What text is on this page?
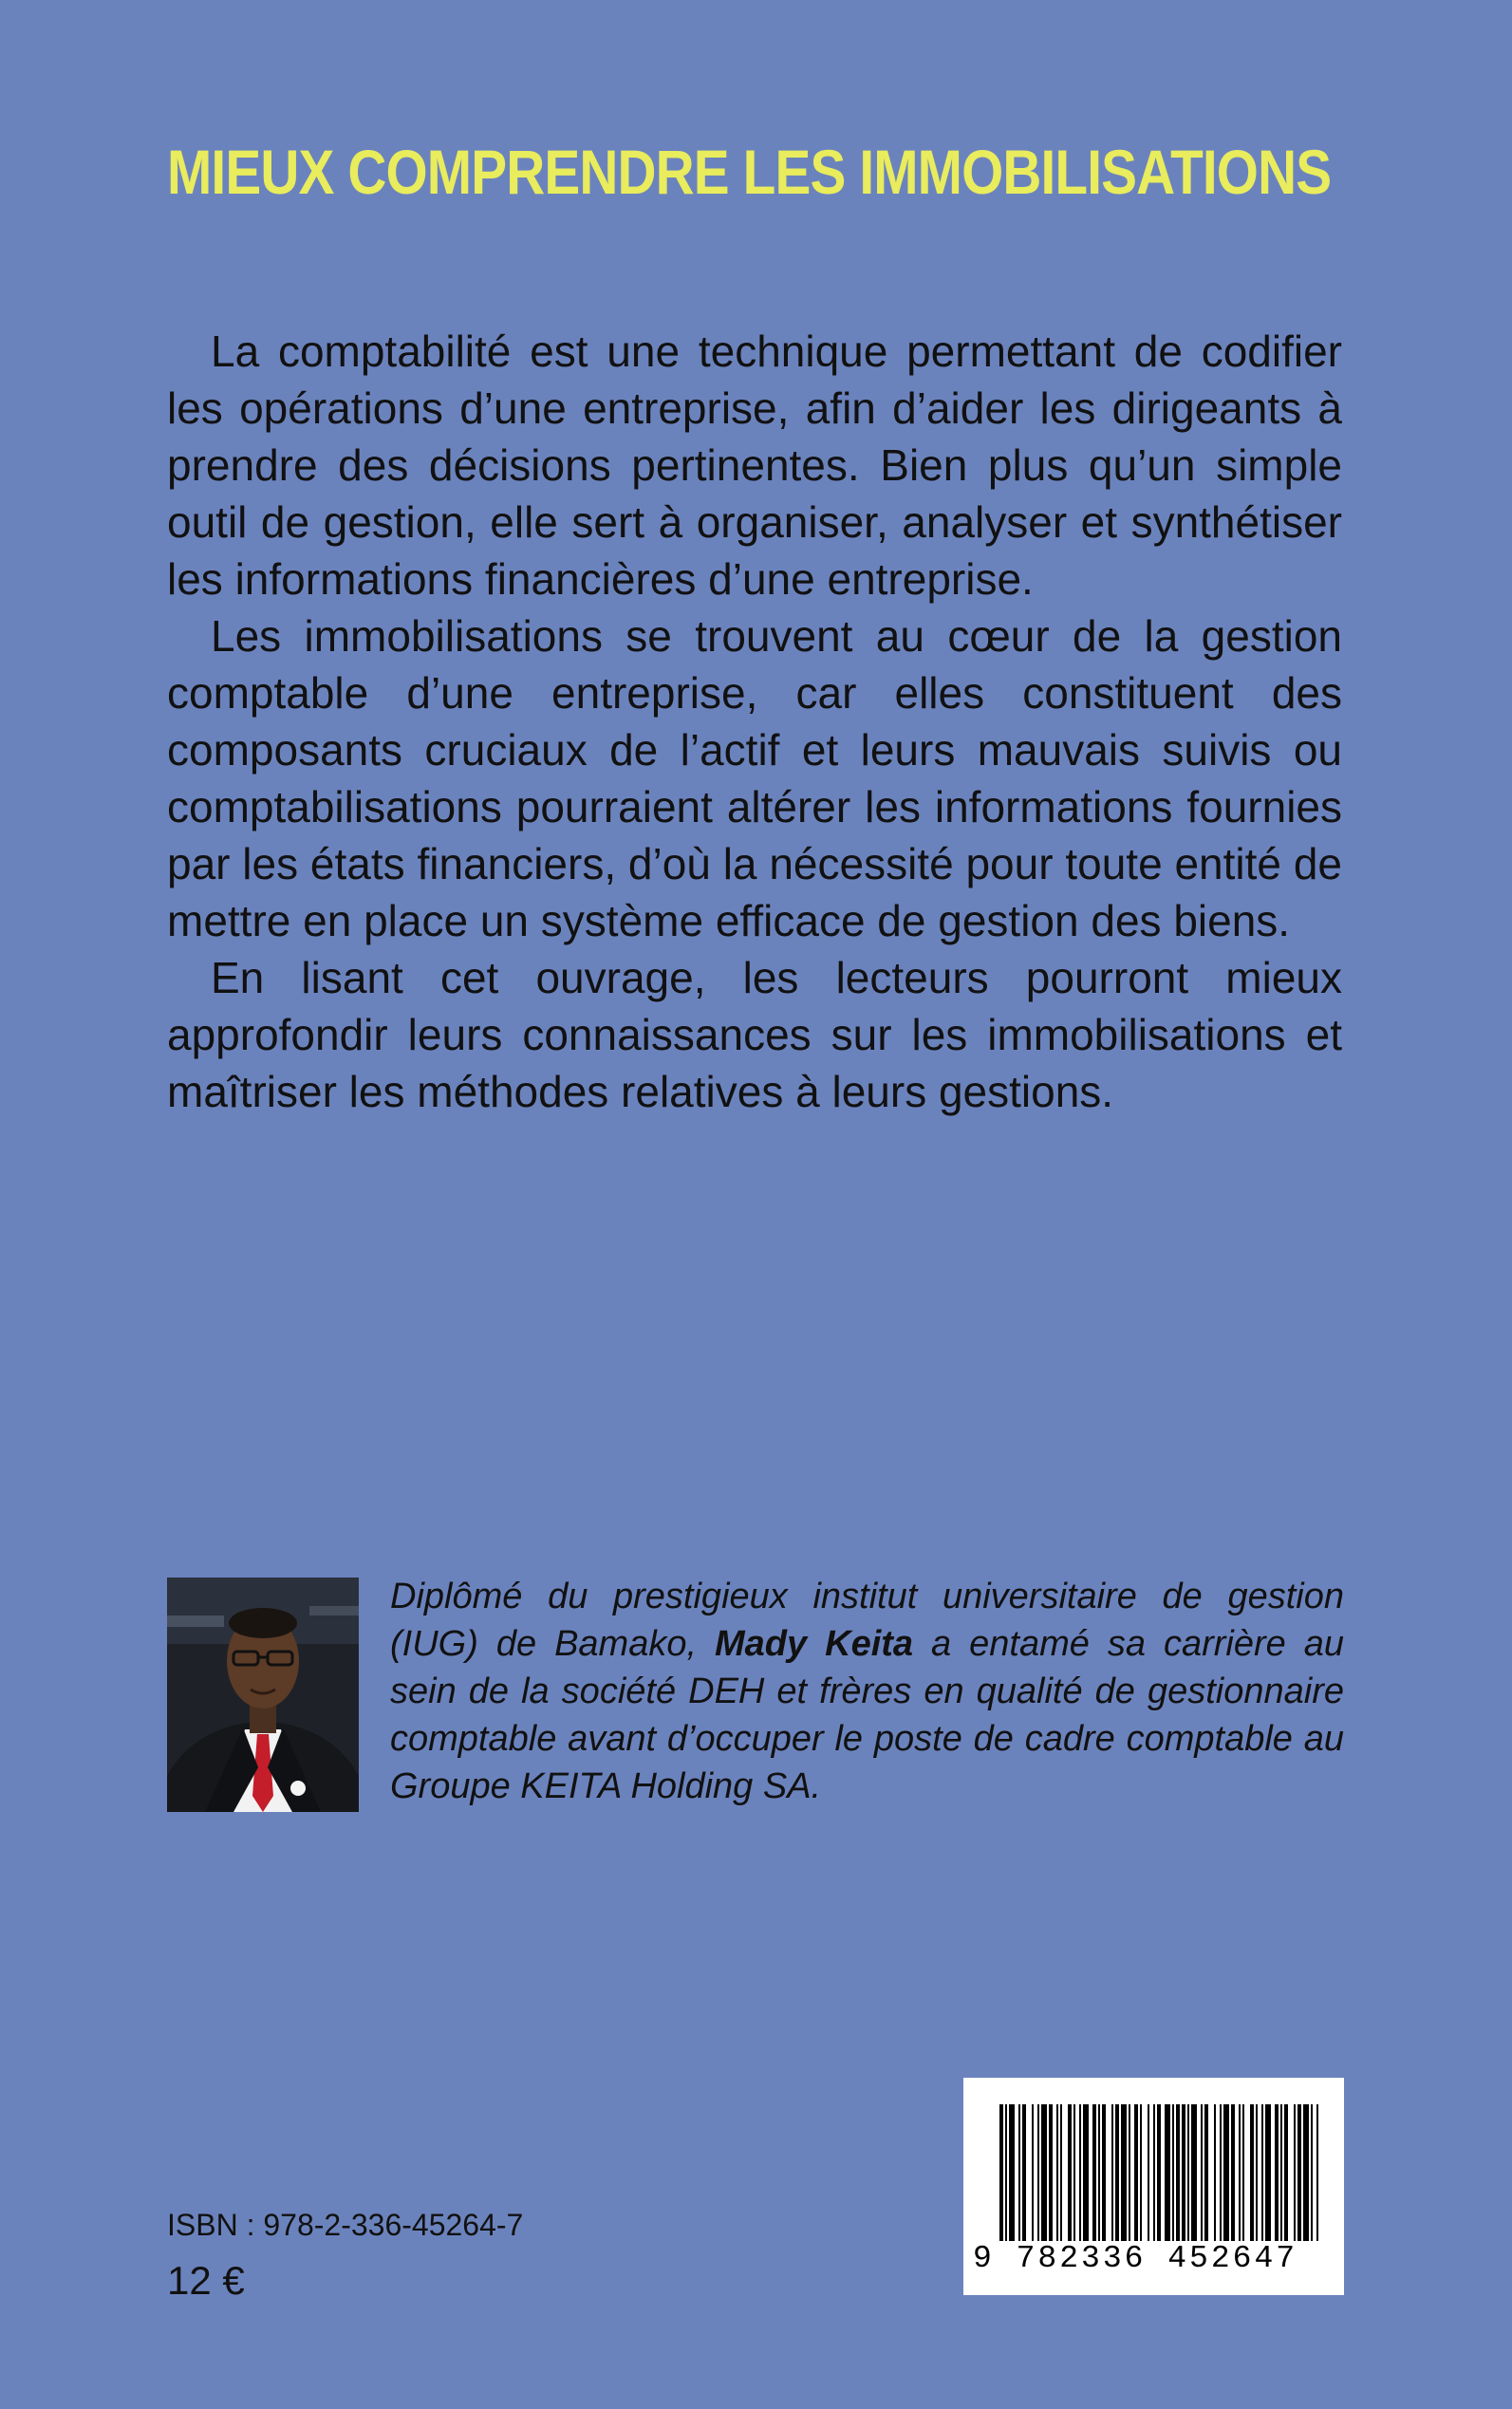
MIEUX COMPRENDRE LES IMMOBILISATIONS

La comptabilité est une technique permettant de codifier les opérations d’une entreprise, afin d’aider les dirigeants à prendre des décisions pertinentes. Bien plus qu’un simple outil de gestion, elle sert à organiser, analyser et synthétiser les informations financières d’une entreprise.

Les immobilisations se trouvent au cœur de la gestion comptable d’une entreprise, car elles constituent des composants cruciaux de l’actif et leurs mauvais suivis ou comptabilisations pourraient altérer les informations fournies par les états financiers, d’où la nécessité pour toute entité de mettre en place un système efficace de gestion des biens.

En lisant cet ouvrage, les lecteurs pourront mieux approfondir leurs connaissances sur les immobilisations et maîtriser les méthodes relatives à leurs gestions.

Diplômé du prestigieux institut universitaire de gestion (IUG) de Bamako, Mady Keita a entamé sa carrière au sein de la société DEH et frères en qualité de gestionnaire comptable avant d’occuper le poste de cadre comptable au Groupe KEITA Holding SA.

ISBN : 978-2-336-45264-7
12 €	9 782336 452647
